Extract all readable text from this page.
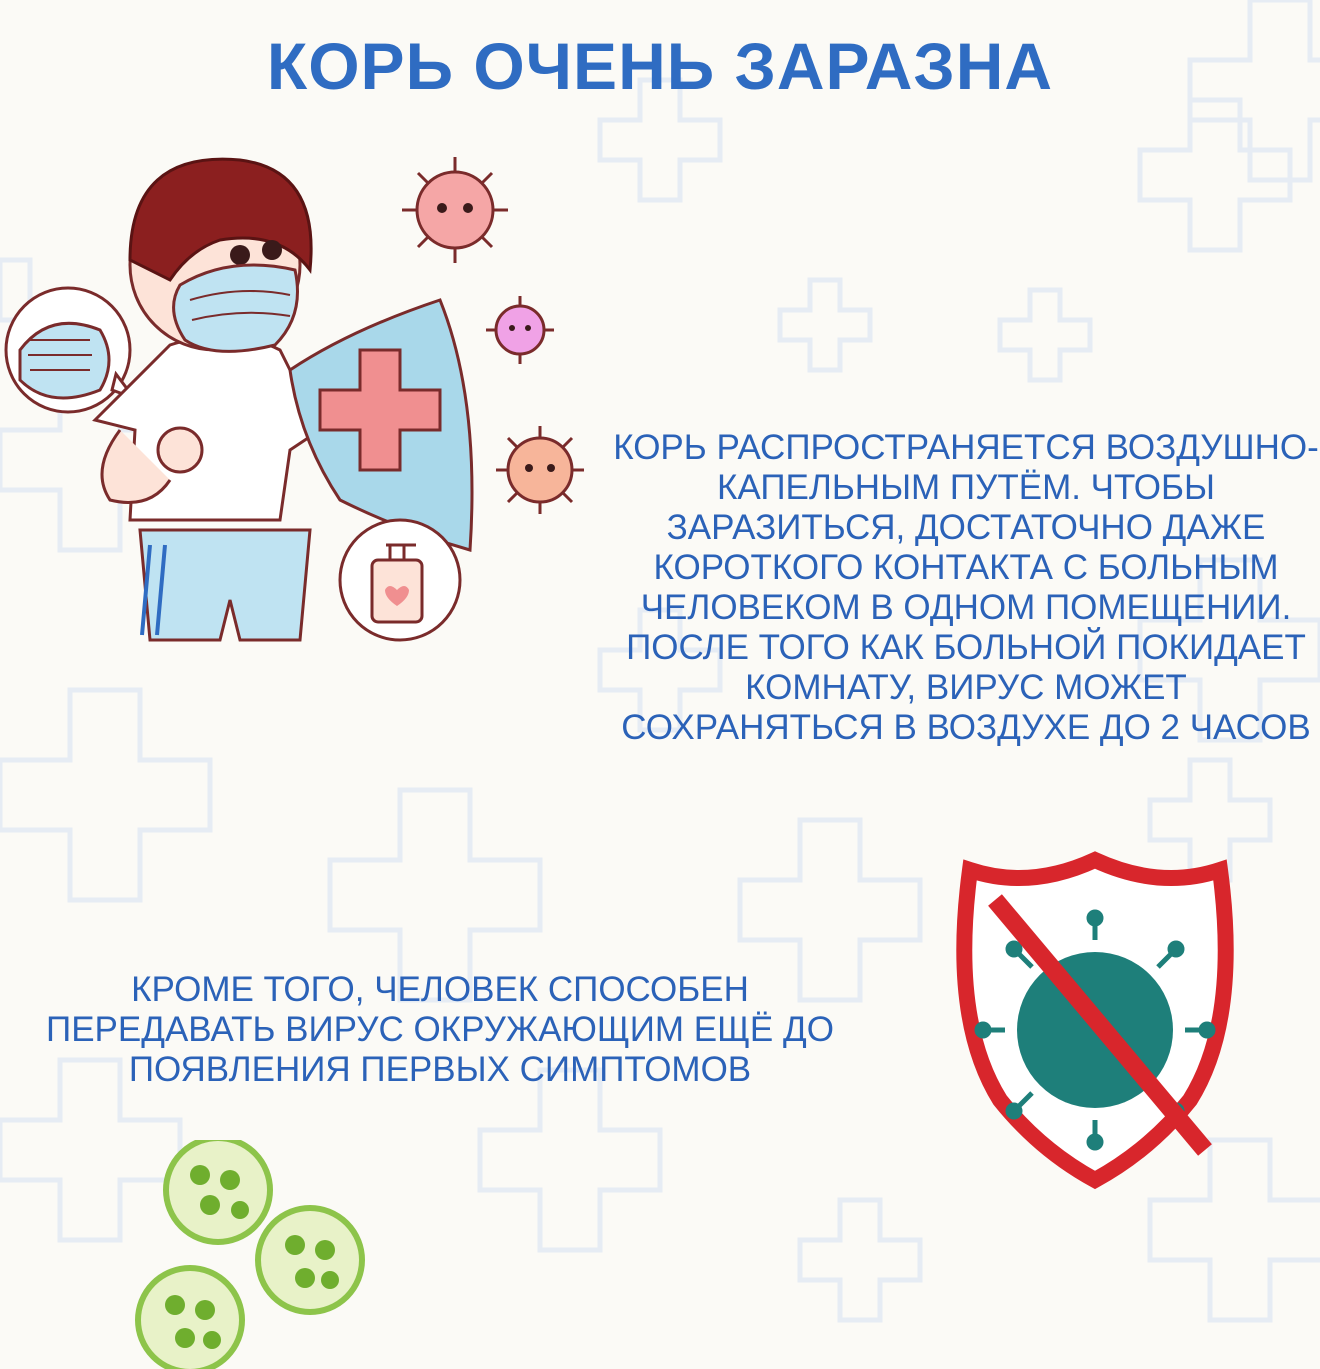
КОРЬ ОЧЕНЬ ЗАРАЗНА
КОРЬ РАСПРОСТРАНЯЕТСЯ ВОЗДУШНО-КАПЕЛЬНЫМ ПУТЁМ. ЧТОБЫ ЗАРАЗИТЬСЯ, ДОСТАТОЧНО ДАЖЕ КОРОТКОГО КОНТАКТА С БОЛЬНЫМ ЧЕЛОВЕКОМ В ОДНОМ ПОМЕЩЕНИИ. ПОСЛЕ ТОГО КАК БОЛЬНОЙ ПОКИДАЕТ КОМНАТУ, ВИРУС МОЖЕТ СОХРАНЯТЬСЯ В ВОЗДУХЕ ДО 2 ЧАСОВ
КРОМЕ ТОГО, ЧЕЛОВЕК СПОСОБЕН ПЕРЕДАВАТЬ ВИРУС ОКРУЖАЮЩИМ ЕЩЁ ДО ПОЯВЛЕНИЯ ПЕРВЫХ СИМПТОМОВ
